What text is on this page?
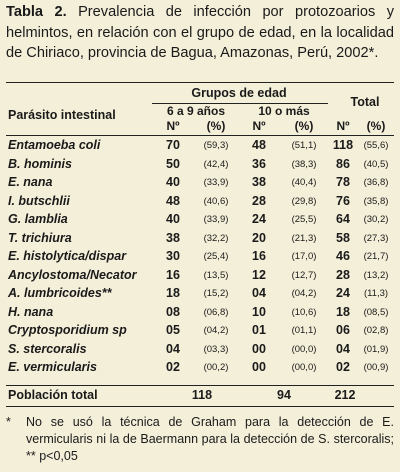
Tabla 2. Prevalencia de infección por protozoarios y helmintos, en relación con el grupo de edad, en la localidad de Chiriaco, provincia de Bagua, Amazonas, Perú, 2002*.
Parásito intestinal
Grupos de edad
Total
6 a 9 años	10 o más
Nº	(%)	Nº	(%)	Nº	(%)
Entamoeba coli	70	(59,3)	48	(51,1)	118	(55,6)
B. hominis	50	(42,4)	36	(38,3)	86	(40,5)
E. nana	40	(33,9)	38	(40,4)	78	(36,8)
I. butschlii	48	(40,6)	28	(29,8)	76	(35,8)
G. lamblia	40	(33,9)	24	(25,5)	64	(30,2)
T. trichiura	38	(32,2)	20	(21,3)	58	(27,3)
E. histolytica/dispar	30	(25,4)	16	(17,0)	46	(21,7)
Ancylostoma/Necator	16	(13,5)	12	(12,7)	28	(13,2)
A. lumbricoides**	18	(15,2)	04	(04,2)	24	(11,3)
H. nana	08	(06,8)	10	(10,6)	18	(08,5)
Cryptosporidium sp	05	(04,2)	01	(01,1)	06	(02,8)
S. stercoralis	04	(03,3)	00	(00,0)	04	(01,9)
E. vermicularis	02	(00,2)	00	(00,0)	02	(00,9)
Población total	118	94	212
* No se usó la técnica de Graham para la detección de E. vermicularis ni la de Baermann para la detección de S. stercoralis; ** p<0,05
